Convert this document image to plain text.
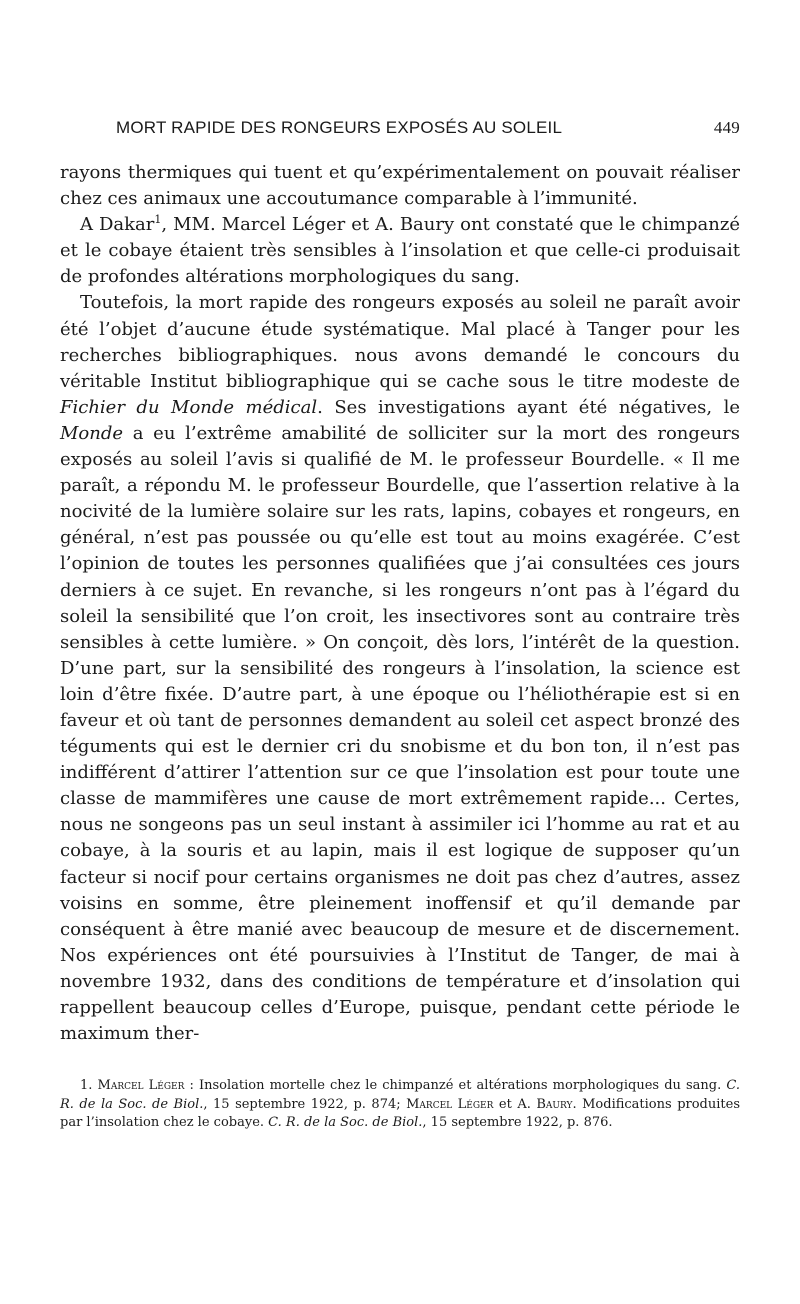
MORT RAPIDE DES RONGEURS EXPOSÉS AU SOLEIL	449

rayons thermiques qui tuent et qu’expérimentalement on pouvait réaliser chez ces animaux une accoutumance comparable à l’immunité.

A Dakar$^1$, MM. Marcel Léger et A. Baury ont constaté que le chimpanzé et le cobaye étaient très sensibles à l’insolation et que celle-ci produisait de profondes altérations morphologiques du sang.

Toutefois, la mort rapide des rongeurs exposés au soleil ne paraît avoir été l’objet d’aucune étude systématique. Mal placé à Tanger pour les recherches bibliographiques. nous avons demandé le concours du véritable Institut bibliographique qui se cache sous le titre modeste de Fichier du Monde médical. Ses investigations ayant été négatives, le Monde a eu l’extrême amabilité de solliciter sur la mort des rongeurs exposés au soleil l’avis si qualifié de M. le professeur Bourdelle. « Il me paraît, a répondu M. le professeur Bourdelle, que l’assertion relative à la nocivité de la lumière solaire sur les rats, lapins, cobayes et rongeurs, en général, n’est pas poussée ou qu’elle est tout au moins exagérée. C’est l’opinion de toutes les personnes qualifiées que j’ai consultées ces jours derniers à ce sujet. En revanche, si les rongeurs n’ont pas à l’égard du soleil la sensibilité que l’on croit, les insectivores sont au contraire très sensibles à cette lumière. » On conçoit, dès lors, l’intérêt de la question. D’une part, sur la sensibilité des rongeurs à l’insolation, la science est loin d’être fixée. D’autre part, à une époque ou l’héliothérapie est si en faveur et où tant de personnes demandent au soleil cet aspect bronzé des téguments qui est le dernier cri du snobisme et du bon ton, il n’est pas indifférent d’attirer l’attention sur ce que l’insolation est pour toute une classe de mammifères une cause de mort extrêmement rapide... Certes, nous ne songeons pas un seul instant à assimiler ici l’homme au rat et au cobaye, à la souris et au lapin, mais il est logique de supposer qu’un facteur si nocif pour certains organismes ne doit pas chez d’autres, assez voisins en somme, être pleinement inoffensif et qu’il demande par conséquent à être manié avec beaucoup de mesure et de discernement. Nos expériences ont été poursuivies à l’Institut de Tanger, de mai à novembre 1932, dans des conditions de température et d’insolation qui rappellent beaucoup celles d’Europe, puisque, pendant cette période le maximum ther-

1. Marcel Léger : Insolation mortelle chez le chimpanzé et altérations morphologiques du sang. C. R. de la Soc. de Biol., 15 septembre 1922, p. 874; Marcel Léger et A. Baury. Modifications produites par l’insolation chez le cobaye. C. R. de la Soc. de Biol., 15 septembre 1922, p. 876.
